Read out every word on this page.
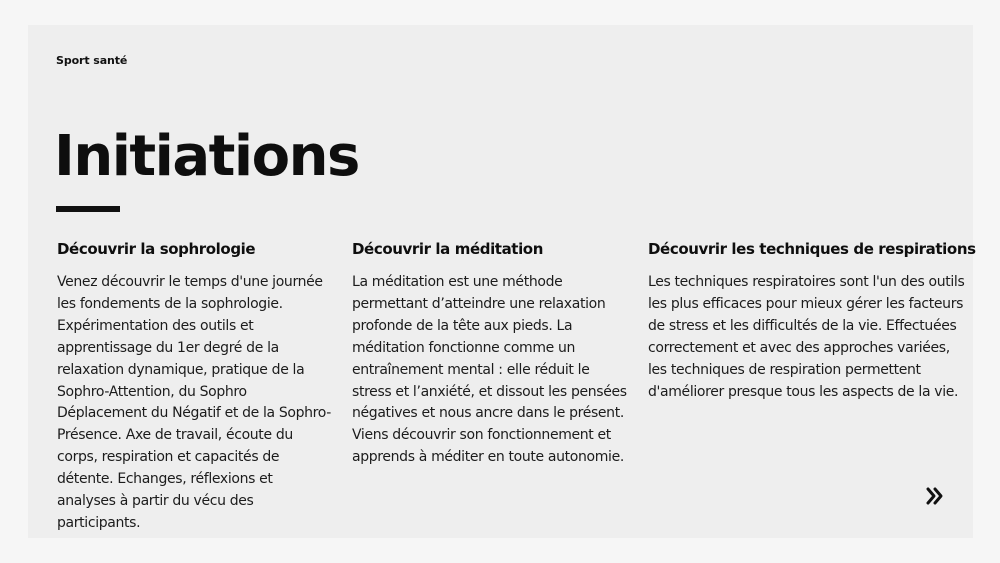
Sport santé
Initiations
Découvrir la sophrologie

Venez découvrir le temps d'une journée les fondements de la sophrologie. Expérimentation des outils et apprentissage du 1er degré de la relaxation dynamique, pratique de la Sophro-Attention, du Sophro Déplacement du Négatif et de la Sophro-Présence. Axe de travail, écoute du corps, respiration et capacités de détente. Echanges, réflexions et analyses à partir du vécu des participants.

Découvrir la méditation

La méditation est une méthode permettant d’atteindre une relaxation profonde de la tête aux pieds. La méditation fonctionne comme un entraînement mental : elle réduit le stress et l’anxiété, et dissout les pensées négatives et nous ancre dans le présent. Viens découvrir son fonctionnement et apprends à méditer en toute autonomie.

Découvrir les techniques de respirations

Les techniques respiratoires sont l'un des outils les plus efficaces pour mieux gérer les facteurs de stress et les difficultés de la vie. Effectuées correctement et avec des approches variées, les techniques de respiration permettent d'améliorer presque tous les aspects de la vie.
